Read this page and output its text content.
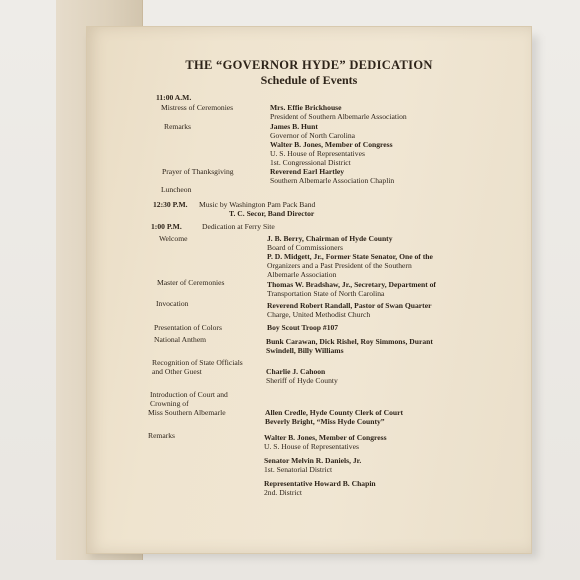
THE “GOVERNOR HYDE” DEDICATION
Schedule of Events
11:00 A.M.
Mistress of Ceremonies
Remarks
Prayer of Thanksgiving
Luncheon
12:30 P.M. Music by Washington Pam Pack Band
1:00 P.M.	Dedication at Ferry Site
Welcome
Master of Ceremonies
Invocation
Presentation of Colors
National Anthem
Recognition of State Officials
and Other Guest
Introduction of Court and
Crowning of
Miss Southern Albemarle
Remarks
Mrs. Effie Brickhouse
President of Southern Albemarle Association
James B. Hunt
Governor of North Carolina
Walter B. Jones, Member of Congress
U. S. House of Representatives
1st. Congressional District
Reverend Earl Hartley
Southern Albemarle Association Chaplin
T. C. Secor, Band Director
J. B. Berry, Chairman of Hyde County
Board of Commissioners
P. D. Midgett, Jr., Former State Senator, One of the
Organizers and a Past President of the Southern
Albemarle Association
Thomas W. Bradshaw, Jr., Secretary, Department of
Transportation State of North Carolina
Reverend Robert Randall, Pastor of Swan Quarter
Charge, United Methodist Church
Boy Scout Troop #107
Bunk Carawan, Dick Rishel, Roy Simmons, Durant
Swindell, Billy Williams
Charlie J. Cahoon
Sheriff of Hyde County
Allen Credle, Hyde County Clerk of Court
Beverly Bright, “Miss Hyde County”
Walter B. Jones, Member of Congress
U. S. House of Representatives
Senator Melvin R. Daniels, Jr.
1st. Senatorial District
Representative Howard B. Chapin
2nd. District
